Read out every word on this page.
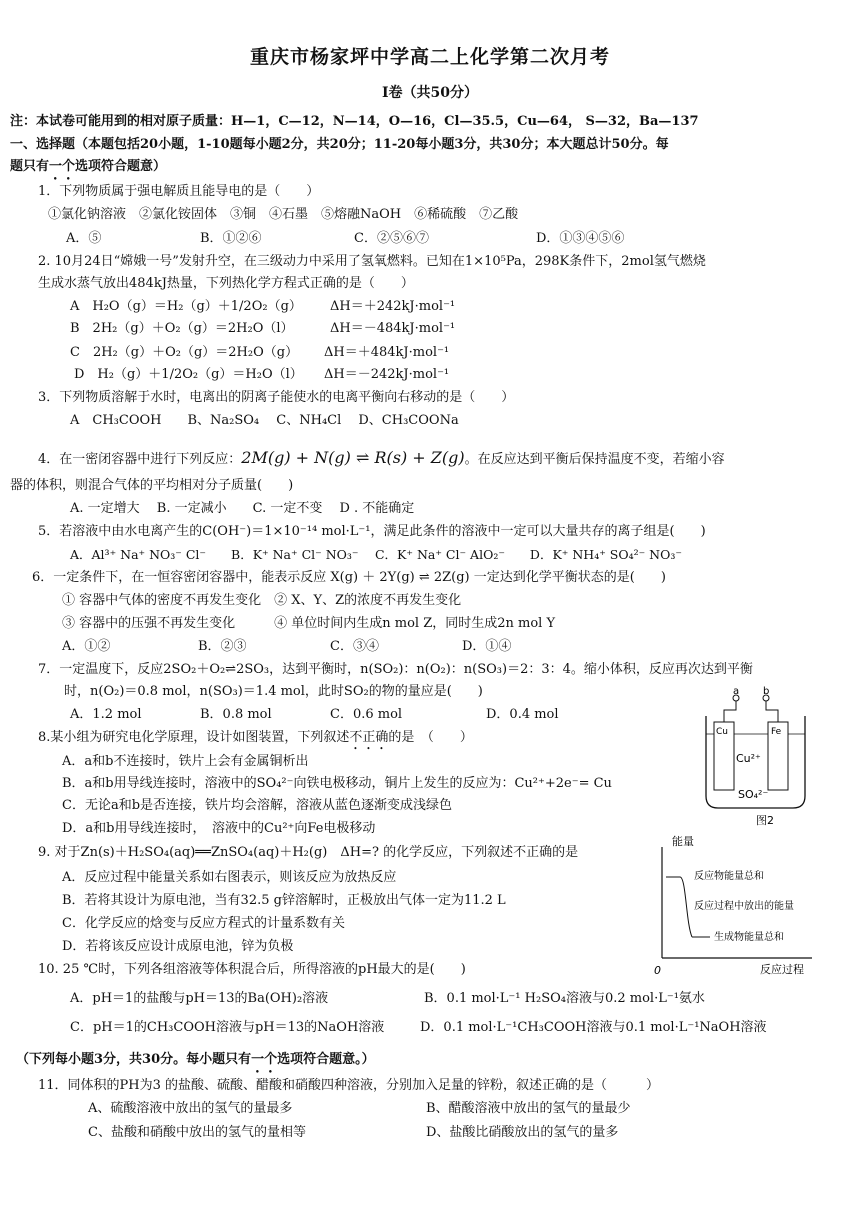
重庆市杨家坪中学高二上化学第二次月考
Ⅰ卷（共50分）
注：本试卷可能用到的相对原子质量：H—1，C—12，N—14，O—16，Cl—35.5，Cu—64， S—32，Ba—137
一、选择题（本题包括20小题，1-10题每小题2分，共20分；11-20每小题3分，共30分；本大题总计50分。每
题只有一个选项符合题意）
1．下列物质属于强电解质且能导电的是（　　）
①氯化钠溶液　②氯化铵固体　③铜　④石墨　⑤熔融NaOH　⑥稀硫酸　⑦乙酸
A．⑤	B．①②⑥	C．②⑤⑥⑦	D．①③④⑤⑥
2. 10月24日“嫦娥一号”发射升空，在三级动力中采用了氢氧燃料。已知在1×10⁵Pa，298K条件下，2mol氢气燃烧
生成水蒸气放出484kJ热量，下列热化学方程式正确的是（　　）
A　H₂O（g）＝H₂（g）＋1/2O₂（g） ΔH＝＋242kJ·mol⁻¹
B　2H₂（g）＋O₂（g）＝2H₂O（l）	ΔH＝－484kJ·mol⁻¹
C　2H₂（g）＋O₂（g）＝2H₂O（g） ΔH＝＋484kJ·mol⁻¹
D　H₂（g）＋1/2O₂（g）＝H₂O（l） ΔH＝－242kJ·mol⁻¹
3．下列物质溶解于水时，电离出的阴离子能使水的电离平衡向右移动的是（　　）
A　CH₃COOH　　B、Na₂SO₄　 C、NH₄Cl　 D、CH₃COONa
4．在一密闭容器中进行下列反应：2M(g) + N(g) ⇌ R(s) + Z(g)。在反应达到平衡后保持温度不变，若缩小容
器的体积，则混合气体的平均相对分子质量(　　)
A. 一定增大　 B. 一定减小　　C. 一定不变　 D . 不能确定
5．若溶液中由水电离产生的C(OH⁻)＝1×10⁻¹⁴ mol·L⁻¹，满足此条件的溶液中一定可以大量共存的离子组是(　　)
A．Al³⁺ Na⁺ NO₃⁻ Cl⁻　　B．K⁺ Na⁺ Cl⁻ NO₃⁻　 C．K⁺ Na⁺ Cl⁻ AlO₂⁻　　D．K⁺ NH₄⁺ SO₄²⁻ NO₃⁻
6．一定条件下，在一恒容密闭容器中，能表示反应 X(g) ＋ 2Y(g) ⇌ 2Z(g) 一定达到化学平衡状态的是(　　)
① 容器中气体的密度不再发生变化　② X、Y、Z的浓度不再发生变化
③ 容器中的压强不再发生变化　　　④ 单位时间内生成n mol Z，同时生成2n mol Y
A．①②	B．②③	C．③④	D．①④
7．一定温度下，反应2SO₂＋O₂⇌2SO₃，达到平衡时，n(SO₂)：n(O₂)：n(SO₃)＝2：3：4。缩小体积，反应再次达到平衡
时，n(O₂)＝0.8 mol，n(SO₃)＝1.4 mol，此时SO₂的物的量应是(　　)
A．1.2 mol	B．0.8 mol	C．0.6 mol	D．0.4 mol
8.某小组为研究电化学原理，设计如图装置，下列叙述不正确的是　（　　）
A．a和b不连接时，铁片上会有金属铜析出
B．a和b用导线连接时，溶液中的SO₄²⁻向铁电极移动，铜片上发生的反应为：Cu²⁺+2e⁻= Cu
C．无论a和b是否连接，铁片均会溶解，溶液从蓝色逐渐变成浅绿色
D．a和b用导线连接时，　溶液中的Cu²⁺向Fe电极移动
a b
Cu	Fe
Cu²⁺
SO₄²⁻
图2
9. 对于Zn(s)＋H₂SO₄(aq)══ZnSO₄(aq)＋H₂(g)　ΔH=? 的化学反应，下列叙述不正确的是
A．反应过程中能量关系如右图表示，则该反应为放热反应
B．若将其设计为原电池，当有32.5 g锌溶解时，正极放出气体一定为11.2 L
C．化学反应的焓变与反应方程式的计量系数有关
D．若将该反应设计成原电池，锌为负极
能量
反应物能量总和
反应过程中放出的能量
生成物能量总和
0	反应过程
10. 25 ℃时，下列各组溶液等体积混合后，所得溶液的pH最大的是(　　)
A．pH＝1的盐酸与pH＝13的Ba(OH)₂溶液	B．0.1 mol·L⁻¹ H₂SO₄溶液与0.2 mol·L⁻¹氨水
C．pH＝1的CH₃COOH溶液与pH＝13的NaOH溶液	D．0.1 mol·L⁻¹CH₃COOH溶液与0.1 mol·L⁻¹NaOH溶液
（下列每小题3分，共30分。每小题只有一个选项符合题意。）
11．同体积的PH为3 的盐酸、硫酸、醋酸和硝酸四种溶液，分别加入足量的锌粉，叙述正确的是（　　　）
A、硫酸溶液中放出的氢气的量最多	B、醋酸溶液中放出的氢气的量最少
C、盐酸和硝酸中放出的氢气的量相等	D、盐酸比硝酸放出的氢气的量多
